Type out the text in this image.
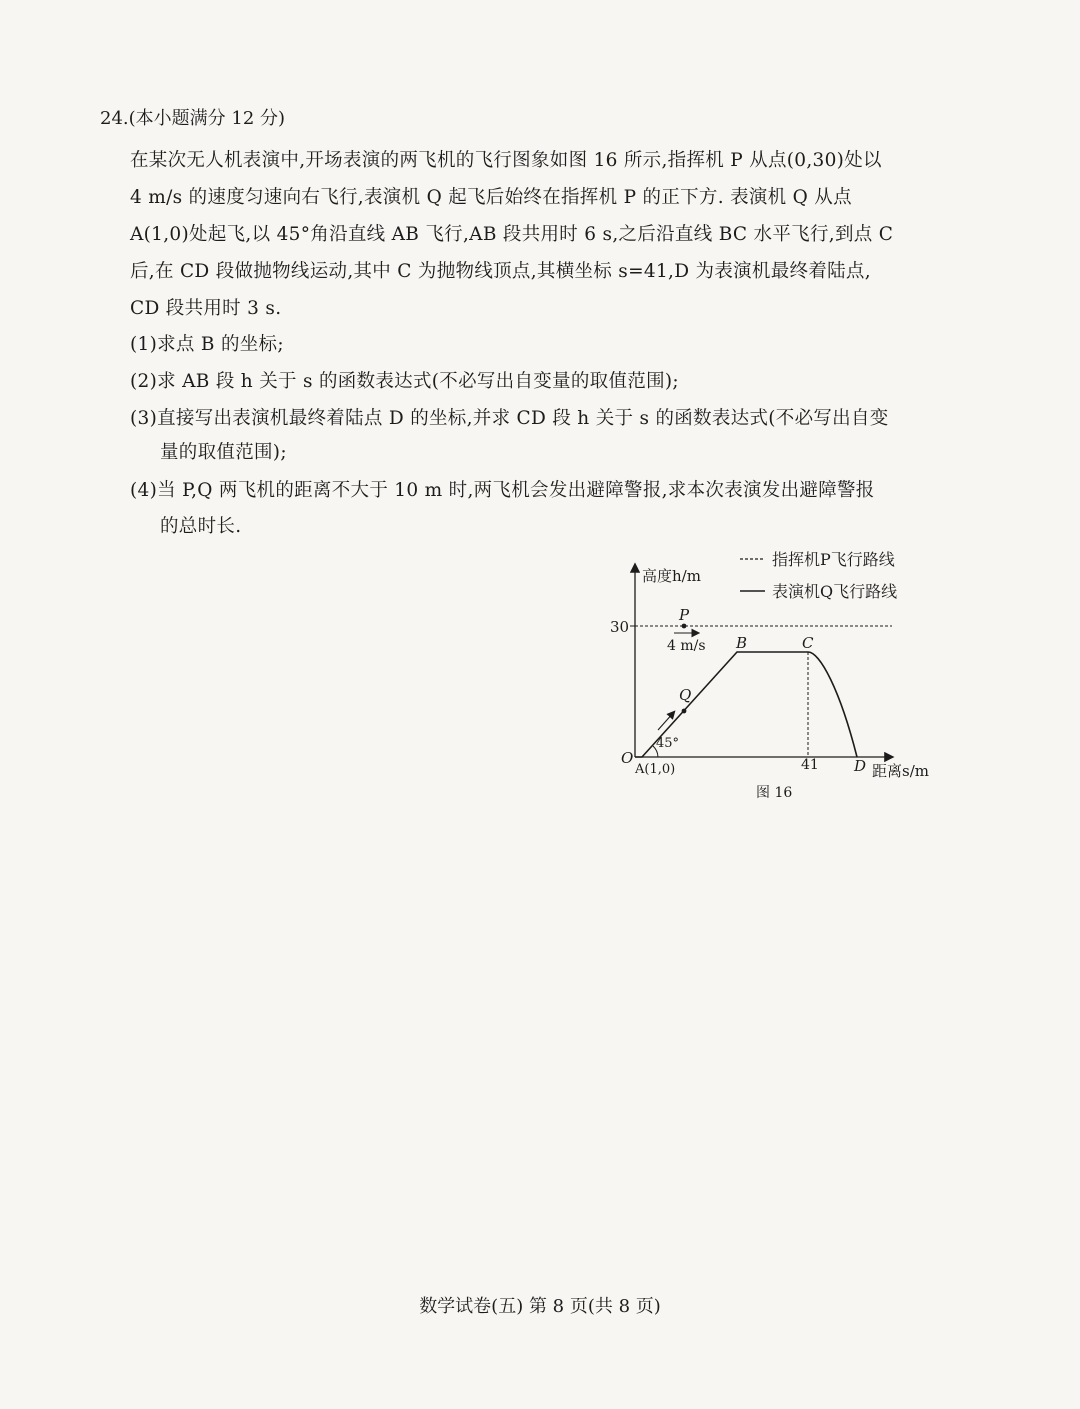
24.(本小题满分 12 分)
在某次无人机表演中,开场表演的两飞机的飞行图象如图 16 所示,指挥机 P 从点(0,30)处以
4 m/s 的速度匀速向右飞行,表演机 Q 起飞后始终在指挥机 P 的正下方. 表演机 Q 从点
A(1,0)处起飞,以 45°角沿直线 AB 飞行,AB 段共用时 6 s,之后沿直线 BC 水平飞行,到点 C
后,在 CD 段做抛物线运动,其中 C 为抛物线顶点,其横坐标 s=41,D 为表演机最终着陆点,
CD 段共用时 3 s.
(1)求点 B 的坐标;
(2)求 AB 段 h 关于 s 的函数表达式(不必写出自变量的取值范围);
(3)直接写出表演机最终着陆点 D 的坐标,并求 CD 段 h 关于 s 的函数表达式(不必写出自变
量的取值范围);
(4)当 P,Q 两飞机的距离不大于 10 m 时,两飞机会发出避障警报,求本次表演发出避障警报
的总时长.
指挥机P飞行路线
表演机Q飞行路线
高度h/m
距离s/m
30
P
4 m/s
41
Q
45°
O
A(1,0)
B	C
D
图 16
数学试卷(五) 第 8 页(共 8 页)
